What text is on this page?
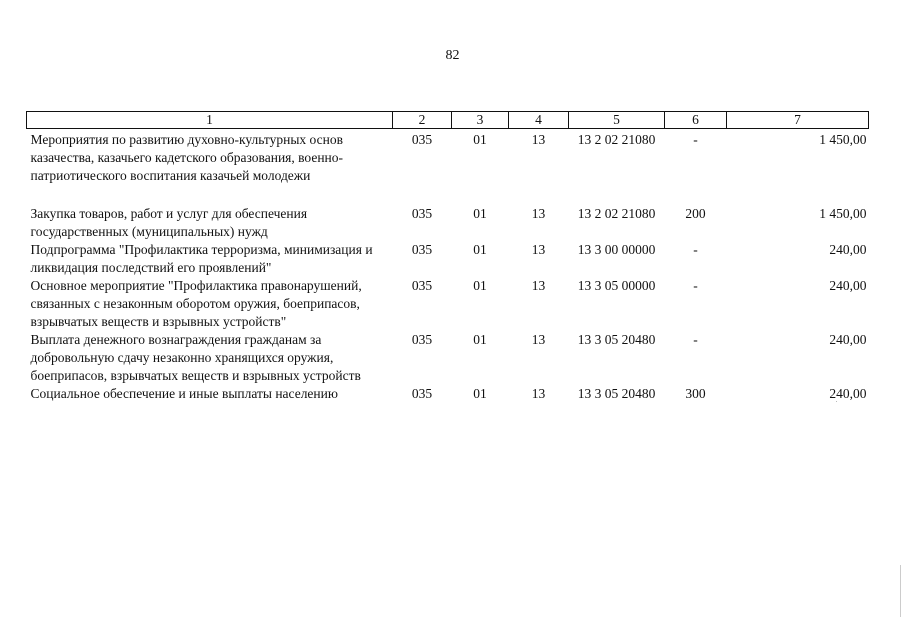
82
1	2	3	4	5	6	7
Мероприятия по развитию духовно-культурных основ казачества, казачьего кадетского образования, военно-патриотического воспитания казачьей молодежи	035	01	13	13 2 02 21080	-	1 450,00
Закупка товаров, работ и услуг для обеспечения государственных (муниципальных) нужд	035	01	13	13 2 02 21080	200	1 450,00
Подпрограмма "Профилактика терроризма, минимизация и ликвидация последствий его проявлений"	035	01	13	13 3 00 00000	-	240,00
Основное мероприятие "Профилактика правонарушений, связанных с незаконным оборотом оружия, боеприпасов, взрывчатых веществ и взрывных устройств"	035	01	13	13 3 05 00000	-	240,00
Выплата денежного вознаграждения гражданам за добровольную сдачу незаконно хранящихся оружия, боеприпасов, взрывчатых веществ и взрывных устройств	035	01	13	13 3 05 20480	-	240,00
Социальное обеспечение и иные выплаты населению	035	01	13	13 3 05 20480	300	240,00
